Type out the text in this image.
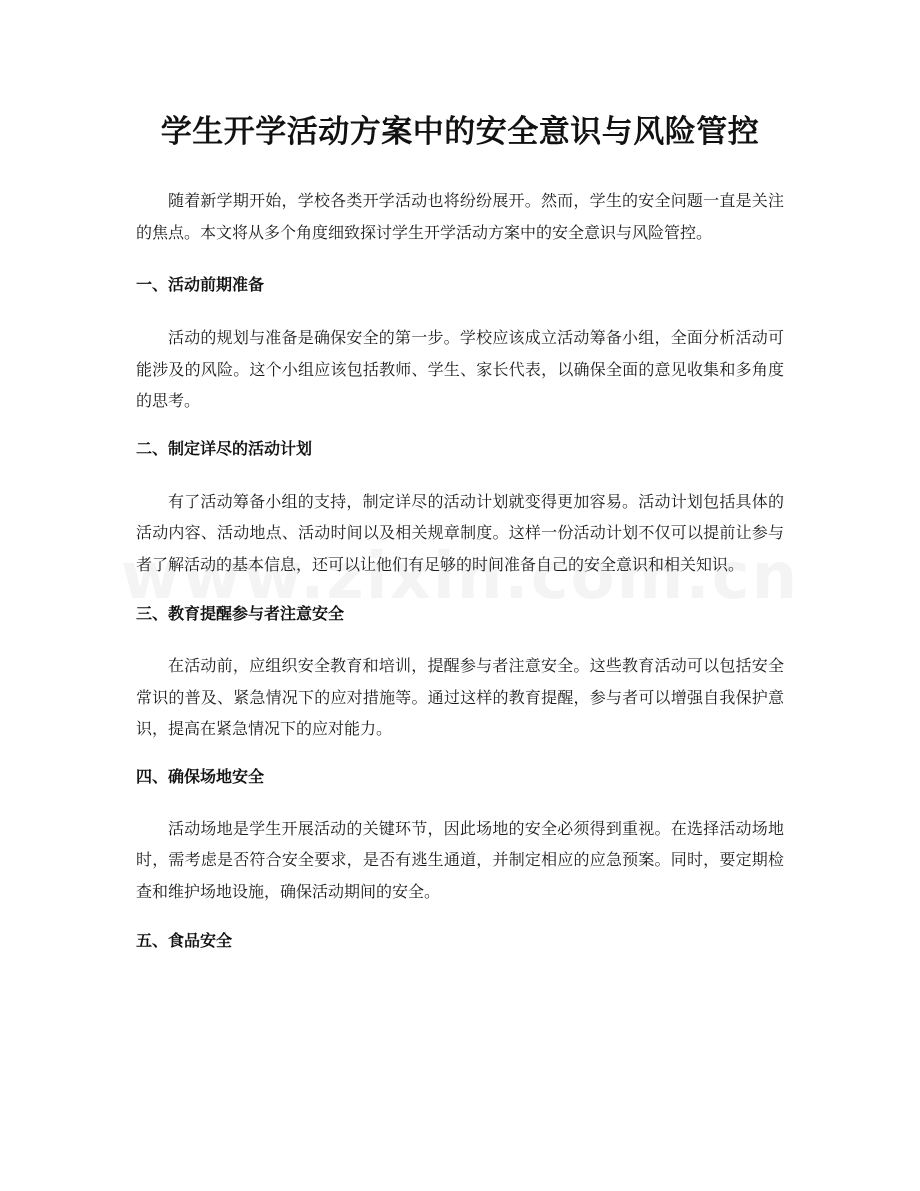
学生开学活动方案中的安全意识与风险管控

随着新学期开始，学校各类开学活动也将纷纷展开。然而，学生的安全问题一直是关注的焦点。本文将从多个角度细致探讨学生开学活动方案中的安全意识与风险管控。

一、活动前期准备

活动的规划与准备是确保安全的第一步。学校应该成立活动筹备小组，全面分析活动可能涉及的风险。这个小组应该包括教师、学生、家长代表，以确保全面的意见收集和多角度的思考。

二、制定详尽的活动计划

有了活动筹备小组的支持，制定详尽的活动计划就变得更加容易。活动计划包括具体的活动内容、活动地点、活动时间以及相关规章制度。这样一份活动计划不仅可以提前让参与者了解活动的基本信息，还可以让他们有足够的时间准备自己的安全意识和相关知识。

三、教育提醒参与者注意安全

在活动前，应组织安全教育和培训，提醒参与者注意安全。这些教育活动可以包括安全常识的普及、紧急情况下的应对措施等。通过这样的教育提醒，参与者可以增强自我保护意识，提高在紧急情况下的应对能力。

四、确保场地安全

活动场地是学生开展活动的关键环节，因此场地的安全必须得到重视。在选择活动场地时，需考虑是否符合安全要求，是否有逃生通道，并制定相应的应急预案。同时，要定期检查和维护场地设施，确保活动期间的安全。

五、食品安全
